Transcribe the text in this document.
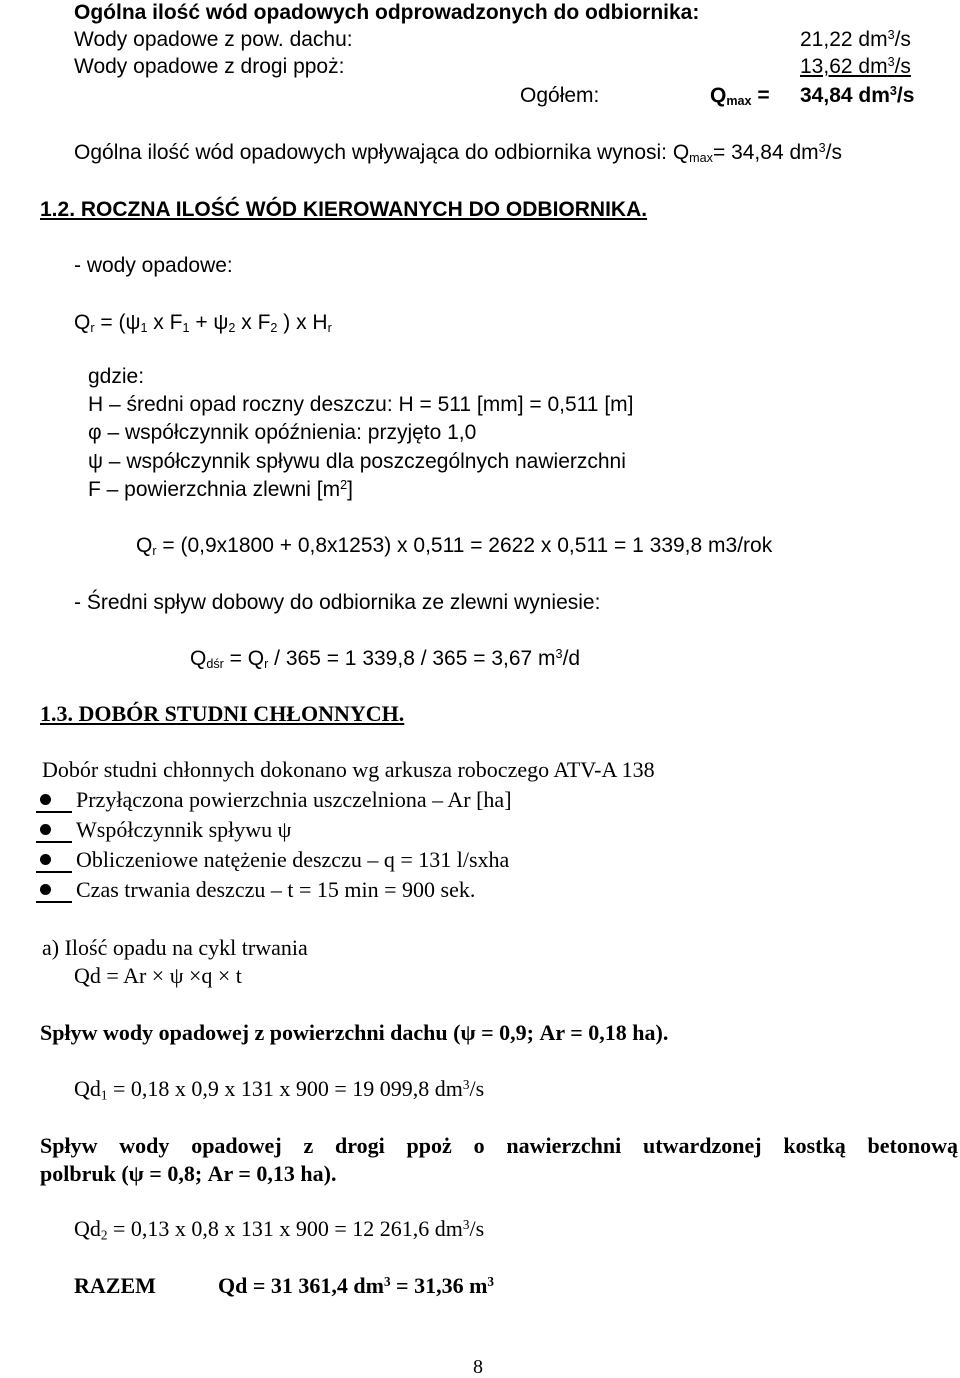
Ogólna ilość wód opadowych odprowadzonych do odbiornika:
Wody opadowe z pow. dachu:	21,22 $dm^3/s$
Wody opadowe z drogi ppoż:	13,62 $dm^3/s$
Ogółem:	$Q_{max} = 34,84$ $dm^3/s$
Ogólna ilość wód opadowych wpływająca do odbiornika wynosi: $Q_{max}= 34,84$ $dm^3/s$
1.2. ROCZNA ILOŚĆ WÓD KIEROWANYCH DO ODBIORNIKA.
- wody opadowe:
$Q_r = (\psi_1$ x $F_1 + \psi_2$ x $F_2$ ) x $H_r$
gdzie:
H – średni opad roczny deszczu: H = 511 [mm] = 0,511 [m]
φ – współczynnik opóźnienia: przyjęto 1,0
ψ – współczynnik spływu dla poszczególnych nawierzchni
F – powierzchnia zlewni $[m^2]$
$Q_r = (0,9x1800 + 0,8x1253)$ x 0,511 = 2622 x 0,511 = 1 339,8 m3/rok
- Średni spływ dobowy do odbiornika ze zlewni wyniesie:
$Q_{dśr} = Q_r / 365 = 1$ 339,8 / 365 = 3,67 $m^3/d$
1.3. DOBÓR STUDNI CHŁONNYCH.
Dobór studni chłonnych dokonano wg arkusza roboczego ATV-A 138
Przyłączona powierzchnia uszczelniona – Ar [ha]
Współczynnik spływu ψ
Obliczeniowe natężenie deszczu – q = 131 l/sxha
Czas trwania deszczu – t = 15 min = 900 sek.
a) Ilość opadu na cykl trwania
Qd = Ar × ψ ×q × t
Spływ wody opadowej z powierzchni dachu (ψ = 0,9; Ar = 0,18 ha).
$Qd_1 = 0,18$ x 0,9 x 131 x 900 = 19 099,8 $dm^3/s$
Spływ wody opadowej z drogi ppoż o nawierzchni utwardzonej kostką betonową
polbruk (ψ = 0,8; Ar = 0,13 ha).
$Qd_2 = 0,13$ x 0,8 x 131 x 900 = 12 261,6 $dm^3/s$
RAZEM	Qd = 31 361,4 $dm^3 = 31,36$ $m^3$
8
